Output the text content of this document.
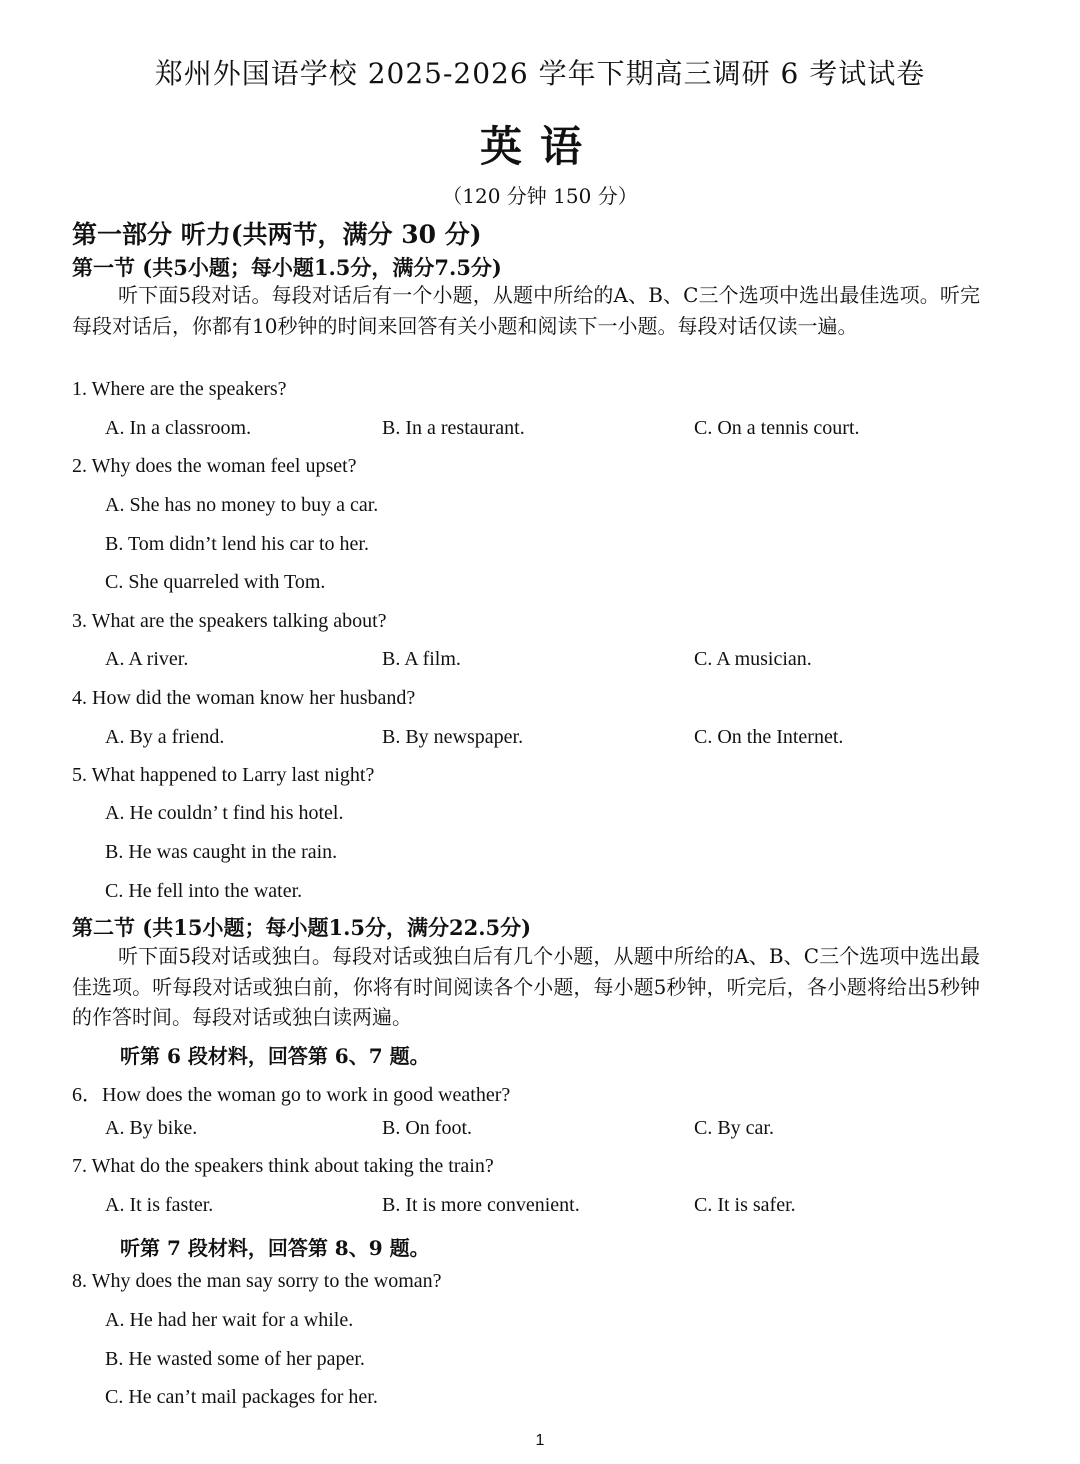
郑州外国语学校 2025-2026 学年下期高三调研 6 考试试卷
英语
（120 分钟 150 分）
第一部分 听力(共两节，满分 30 分)
第一节 (共5小题；每小题1.5分，满分7.5分)
听下面5段对话。每段对话后有一个小题，从题中所给的A、B、C三个选项中选出最佳选项。听完每段对话后，你都有10秒钟的时间来回答有关小题和阅读下一小题。每段对话仅读一遍。
1. Where are the speakers?
A. In a classroom.	B. In a restaurant.	C. On a tennis court.
2. Why does the woman feel upset?
A. She has no money to buy a car.
B. Tom didn’t lend his car to her.
C. She quarreled with Tom.
3. What are the speakers talking about?
A. A river.	B. A film.	C. A musician.
4. How did the woman know her husband?
A. By a friend.	B. By newspaper.	C. On the Internet.
5. What happened to Larry last night?
A. He couldn’ t find his hotel.
B. He was caught in the rain.
C. He fell into the water.
第二节 (共15小题；每小题1.5分，满分22.5分)
听下面5段对话或独白。每段对话或独白后有几个小题，从题中所给的A、B、C三个选项中选出最佳选项。听每段对话或独白前，你将有时间阅读各个小题，每小题5秒钟，听完后，各小题将给出5秒钟的作答时间。每段对话或独白读两遍。
听第 6 段材料，回答第 6、7 题。
6．How does the woman go to work in good weather?
A. By bike.	B. On foot.	C. By car.
7. What do the speakers think about taking the train?
A. It is faster.	B. It is more convenient.	C. It is safer.
听第 7 段材料，回答第 8、9 题。
8. Why does the man say sorry to the woman?
A. He had her wait for a while.
B. He wasted some of her paper.
C. He can’t mail packages for her.
1
